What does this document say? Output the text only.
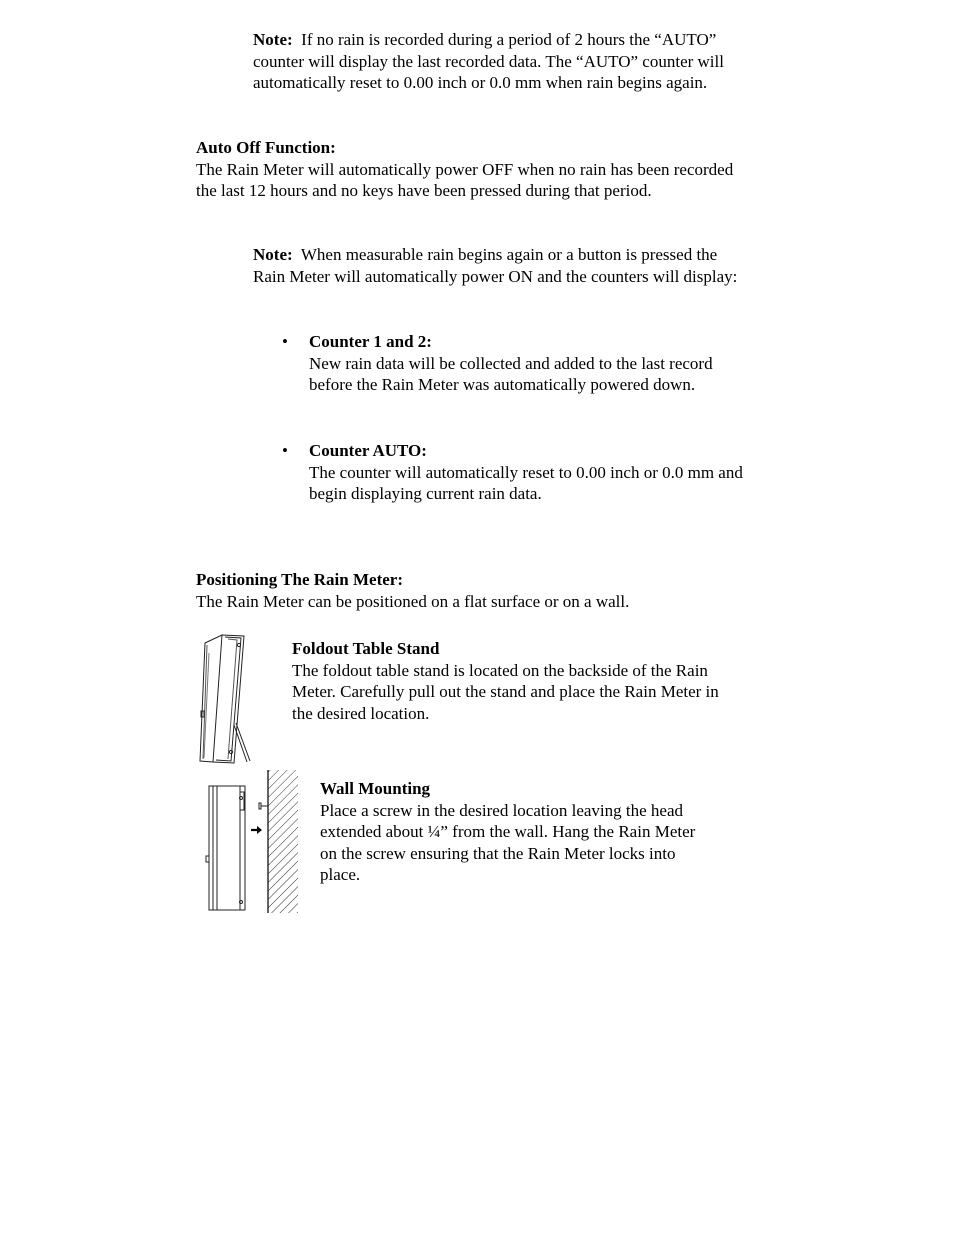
Note: If no rain is recorded during a period of 2 hours the “AUTO” counter will display the last recorded data. The “AUTO” counter will automatically reset to 0.00 inch or 0.0 mm when rain begins again.

Auto Off Function:

The Rain Meter will automatically power OFF when no rain has been recorded the last 12 hours and no keys have been pressed during that period.

Note: When measurable rain begins again or a button is pressed the Rain Meter will automatically power ON and the counters will display:

• Counter 1 and 2:

New rain data will be collected and added to the last record before the Rain Meter was automatically powered down.

• Counter AUTO:

The counter will automatically reset to 0.00 inch or 0.0 mm and begin displaying current rain data.

Positioning The Rain Meter:

The Rain Meter can be positioned on a flat surface or on a wall.

Foldout Table Stand

The foldout table stand is located on the backside of the Rain Meter. Carefully pull out the stand and place the Rain Meter in the desired location.

Wall Mounting

Place a screw in the desired location leaving the head extended about ¼” from the wall. Hang the Rain Meter on the screw ensuring that the Rain Meter locks into place.
